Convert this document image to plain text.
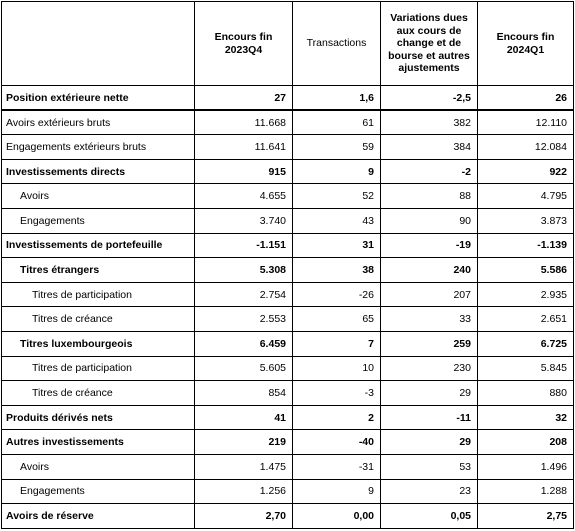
	Encours fin 2023Q4	Transactions	Variations dues aux cours de change et de bourse et autres ajustements	Encours fin 2024Q1
Position extérieure nette	27	1,6	-2,5	26
Avoirs extérieurs bruts	11.668	61	382	12.110
Engagements extérieurs bruts	11.641	59	384	12.084
Investissements directs	915	9	-2	922
Avoirs	4.655	52	88	4.795
Engagements	3.740	43	90	3.873
Investissements de portefeuille	-1.151	31	-19	-1.139
Titres étrangers	5.308	38	240	5.586
Titres de participation	2.754	-26	207	2.935
Titres de créance	2.553	65	33	2.651
Titres luxembourgeois	6.459	7	259	6.725
Titres de participation	5.605	10	230	5.845
Titres de créance	854	-3	29	880
Produits dérivés nets	41	2	-11	32
Autres investissements	219	-40	29	208
Avoirs	1.475	-31	53	1.496
Engagements	1.256	9	23	1.288
Avoirs de réserve	2,70	0,00	0,05	2,75
